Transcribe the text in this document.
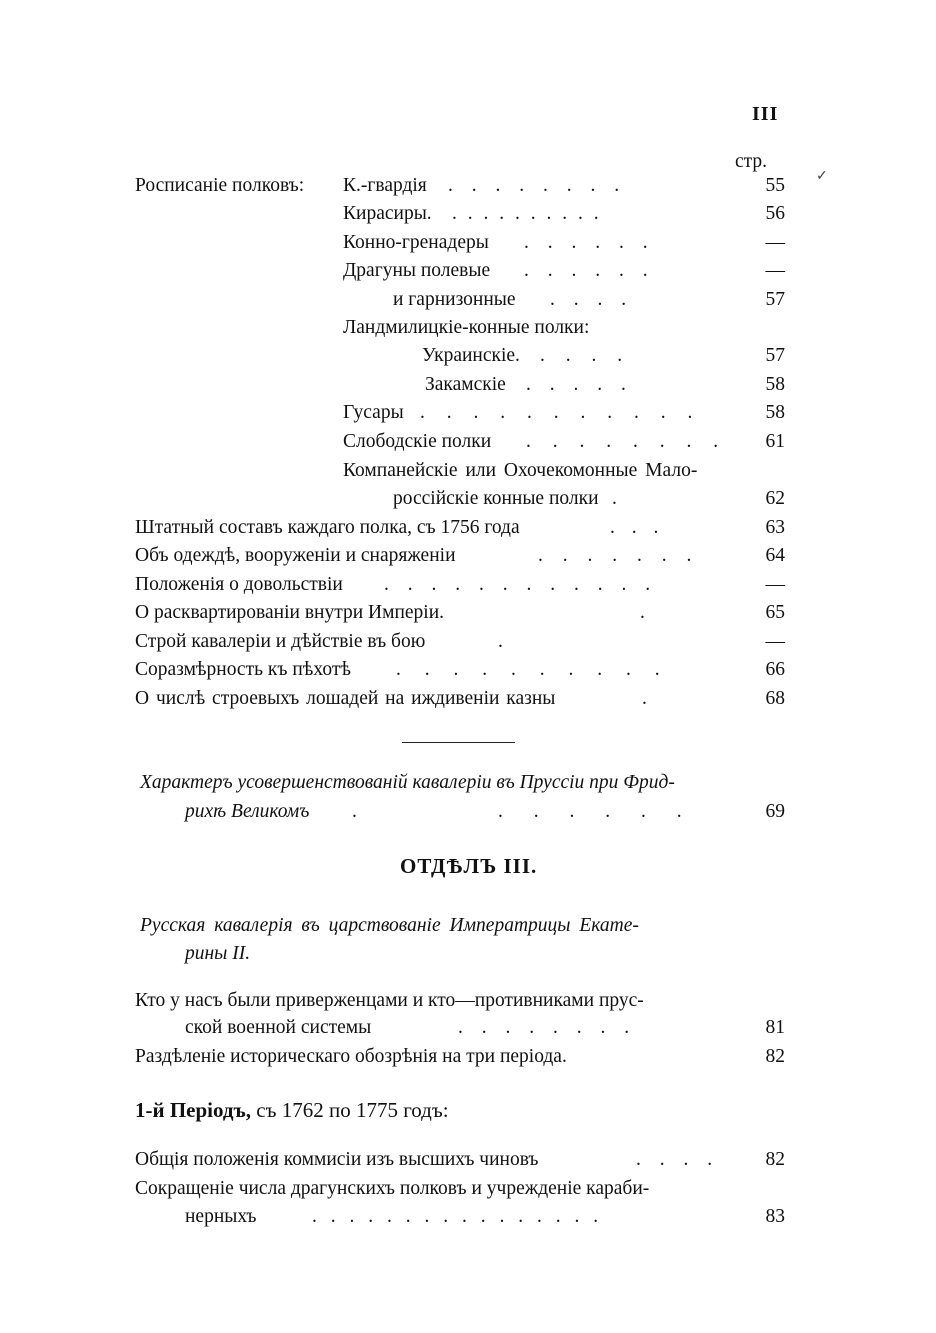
III
стр.
✓
Росписаніе полковъ: К.-гвардія . . . . . . . .	55
Кирасиры. . . . . . . . . . .	56
Конно-гренадеры . . . . . .	—
Драгуны полевые . . . . . .	—
и гарнизонные . . . .	57
Ландмилицкіе-конные полки:
Украинскіе. . . . .	57
Закамскіе . . . . .	58
Гусары . . . . . . . . . . .	58
Слободскіе полки . . . . . . . .	61
Компанейскіе или Охочекомонные Мало-
россійскіе конные полки .	62
Штатный составъ каждаго полка, съ 1756 года	. . .	63
Объ одеждѣ, вооруженіи и снаряженіи	. . . . . . .	64
Положенія о довольствіи . . . . . . . . . . . .	—
О расквартированіи внутри Имперіи.	.	65
Строй кавалеріи и дѣйствіе въ бою	.	—
Соразмѣрность къ пѣхотѣ . . . . . . . . . .	66
О числѣ строевыхъ лошадей на иждивеніи казны	.	68
Характеръ усовершенствованій кавалеріи въ Пруссіи при Фрид-
рихѣ Великомъ .	. . . . . .	69
ОТДѢЛЪ III.
Русская кавалерія въ царствованіе Императрицы Екате-
рины II.
Кто у насъ были приверженцами и кто—противниками прус-
ской военной системы	. . . . . . . .	81
Раздѣленіе историческаго обозрѣнія на три періода.	82
1-й Періодъ, съ 1762 по 1775 годъ:
Общія положенія коммисіи изъ высшихъ чиновъ	. . . .	82
Сокращеніе числа драгунскихъ полковъ и учрежденіе караби-
нерныхъ	. . . . . . . . . . . . . . . .	83
